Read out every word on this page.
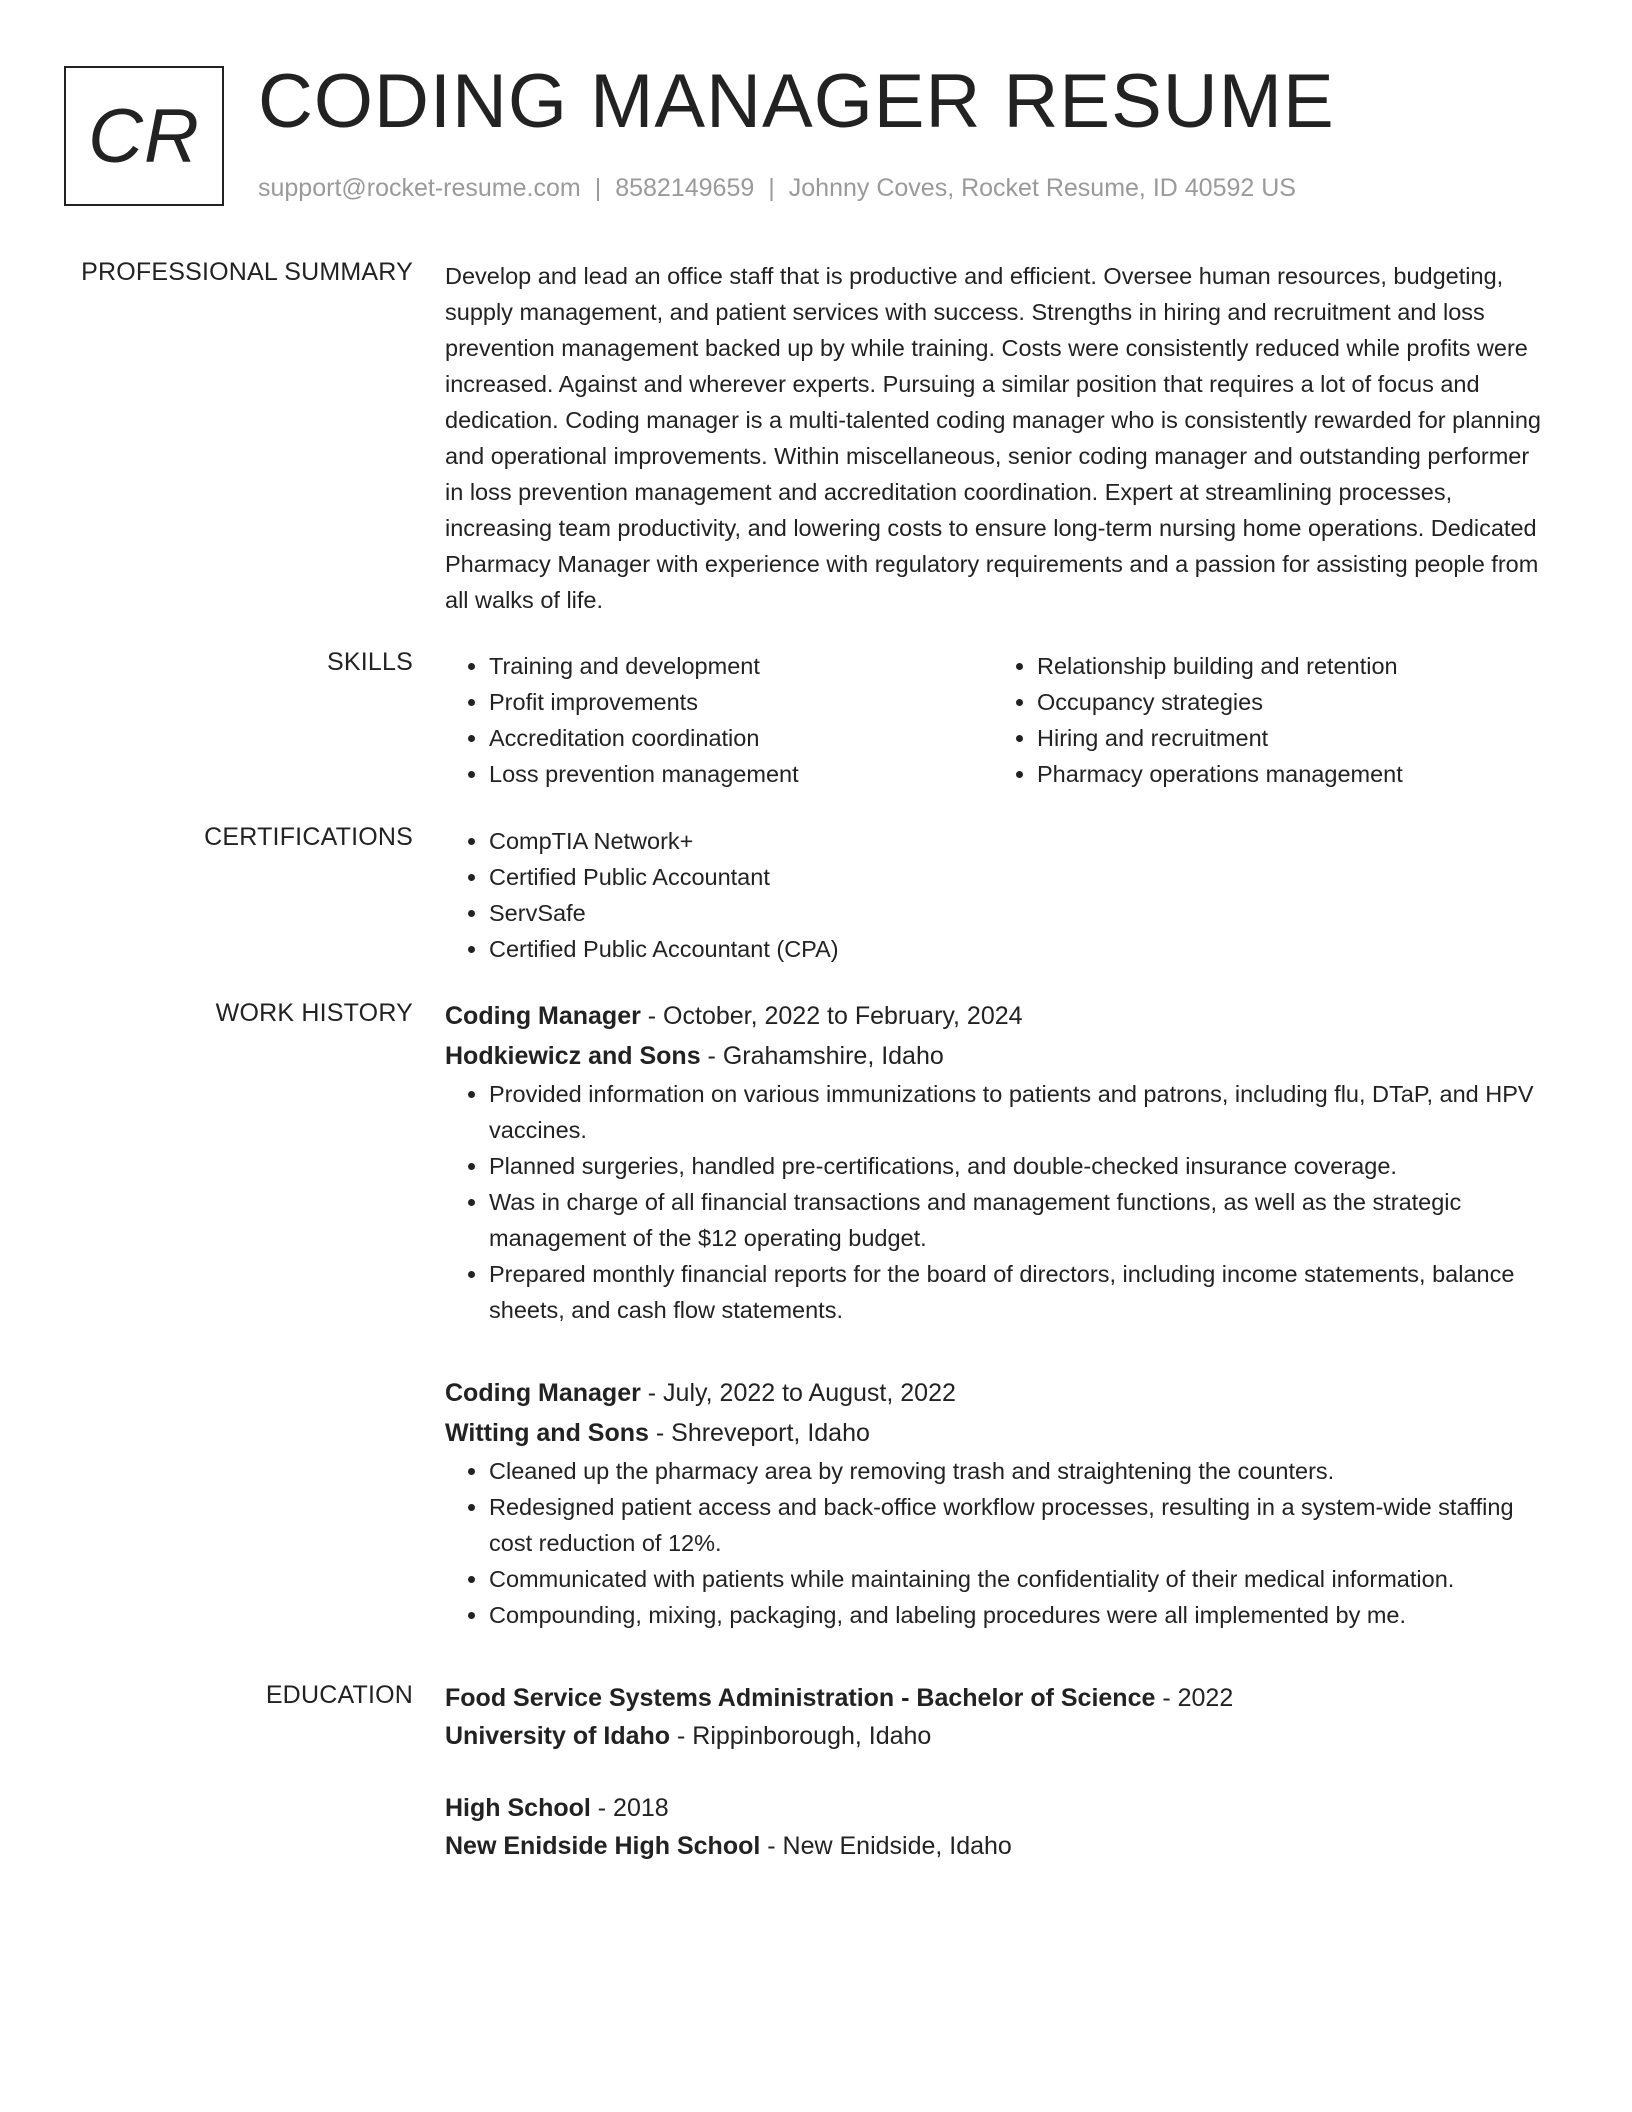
CR CODING MANAGER RESUME
support@rocket-resume.com | 8582149659 | Johnny Coves, Rocket Resume, ID 40592 US
PROFESSIONAL SUMMARY Develop and lead an office staff that is productive and efficient. Oversee human resources, budgeting, supply management, and patient services with success. Strengths in hiring and recruitment and loss prevention management backed up by while training. Costs were consistently reduced while profits were increased. Against and wherever experts. Pursuing a similar position that requires a lot of focus and dedication. Coding manager is a multi-talented coding manager who is consistently rewarded for planning and operational improvements. Within miscellaneous, senior coding manager and outstanding performer in loss prevention management and accreditation coordination. Expert at streamlining processes, increasing team productivity, and lowering costs to ensure long-term nursing home operations. Dedicated Pharmacy Manager with experience with regulatory requirements and a passion for assisting people from all walks of life.

SKILLS	• Training and development
• Profit improvements
• Accreditation coordination
• Loss prevention management
• Relationship building and retention
• Occupancy strategies
• Hiring and recruitment
• Pharmacy operations management
CERTIFICATIONS	• CompTIA Network+
• Certified Public Accountant
• ServSafe
• Certified Public Accountant (CPA)
WORK HISTORY Coding Manager - October, 2022 to February, 2024
Hodkiewicz and Sons - Grahamshire, Idaho
• Provided information on various immunizations to patients and patrons, including flu, DTaP, and HPV vaccines.
• Planned surgeries, handled pre-certifications, and double-checked insurance coverage.
• Was in charge of all financial transactions and management functions, as well as the strategic management of the $12 operating budget.
• Prepared monthly financial reports for the board of directors, including income statements, balance sheets, and cash flow statements.
Coding Manager - July, 2022 to August, 2022
Witting and Sons - Shreveport, Idaho
• Cleaned up the pharmacy area by removing trash and straightening the counters.
• Redesigned patient access and back-office workflow processes, resulting in a system-wide staffing cost reduction of 12%.
• Communicated with patients while maintaining the confidentiality of their medical information.
• Compounding, mixing, packaging, and labeling procedures were all implemented by me.
EDUCATION Food Service Systems Administration - Bachelor of Science - 2022
University of Idaho - Rippinborough, Idaho
High School - 2018
New Enidside High School - New Enidside, Idaho
